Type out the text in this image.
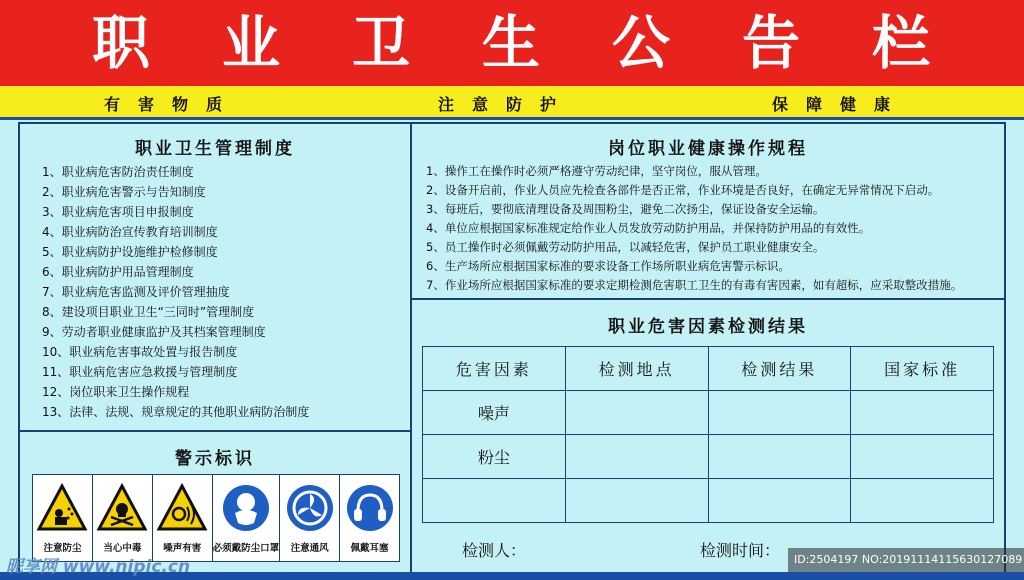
职 业 卫 生 公 告 栏
有害物质	注意防护	保障健康
职业卫生管理制度
1、职业病危害防治责任制度
2、职业病危害警示与告知制度
3、职业病危害项目申报制度
4、职业病防治宣传教育培训制度
5、职业病防护设施维护检修制度
6、职业病防护用品管理制度
7、职业病危害监测及评价管理抽度
8、建设项目职业卫生“三同时”管理制度
9、劳动者职业健康监护及其档案管理制度
10、职业病危害事故处置与报告制度
11、职业病危害应急救援与管理制度
12、岗位职来卫生操作规程
13、法律、法规、规章规定的其他职业病防治制度
警示标识
注意防尘 当心中毒 噪声有害 必须戴防尘口罩 注意通风 佩戴耳塞
岗位职业健康操作规程
1、操作工在操作时必须严格遵守劳动纪律，坚守岗位，服从管理。
2、设备开启前，作业人员应先检查各部件是否正常，作业环境是否良好，在确定无异常情况下启动。
3、每班后，要彻底清理设备及周围粉尘，避免二次扬尘，保证设备安全运输。
4、单位应根据国家标准规定给作业人员发放劳动防护用品，并保持防护用品的有效性。
5、员工操作时必须佩戴劳动防护用品，以减轻危害，保护员工职业健康安全。
6、生产场所应根据国家标准的要求设备工作场所职业病危害警示标识。
7、作业场所应根据国家标准的要求定期检测危害职工卫生的有毒有害因素，如有超标，应采取整改措施。
职业危害因素检测结果
危害因素	检测地点	检测结果	国家标准
噪声			
粉尘			

检测人：	检测时间：
昵享网 www.nipic.cn	ID:2504197 NO:20191114115630127089
